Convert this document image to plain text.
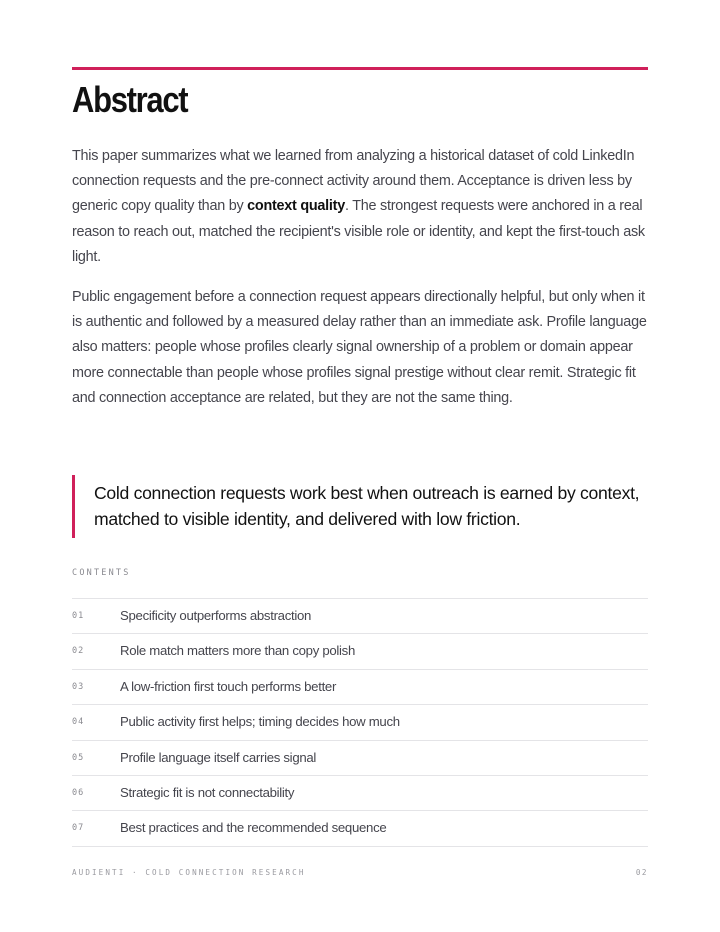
Abstract

This paper summarizes what we learned from analyzing a historical dataset of cold LinkedIn connection requests and the pre-connect activity around them. Acceptance is driven less by generic copy quality than by context quality. The strongest requests were anchored in a real reason to reach out, matched the recipient's visible role or identity, and kept the first-touch ask light.

Public engagement before a connection request appears directionally helpful, but only when it is authentic and followed by a measured delay rather than an immediate ask. Profile language also matters: people whose profiles clearly signal ownership of a problem or domain appear more connectable than people whose profiles signal prestige without clear remit. Strategic fit and connection acceptance are related, but they are not the same thing.

Cold connection requests work best when outreach is earned by context, matched to visible identity, and delivered with low friction.

CONTENTS
01	Specificity outperforms abstraction
02	Role match matters more than copy polish
03	A low-friction first touch performs better
04	Public activity first helps; timing decides how much
05	Profile language itself carries signal
06	Strategic fit is not connectability
07	Best practices and the recommended sequence
AUDIENTI · COLD CONNECTION RESEARCH	02
